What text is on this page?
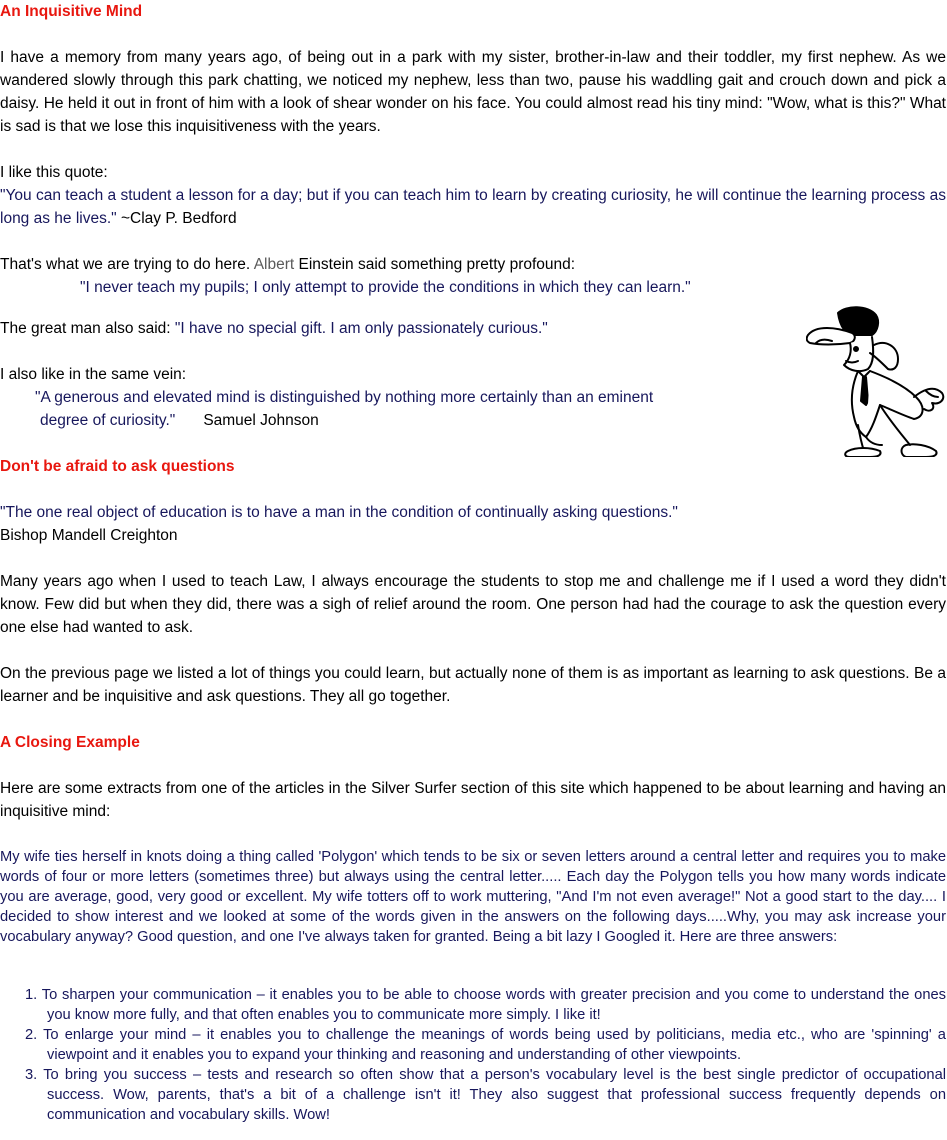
An Inquisitive Mind
I have a memory from many years ago, of being out in a park with my sister, brother-in-law and their toddler, my first nephew. As we wandered slowly through this park chatting, we noticed my nephew, less than two, pause his waddling gait and crouch down and pick a daisy. He held it out in front of him with a look of shear wonder on his face. You could almost read his tiny mind: "Wow, what is this?" What is sad is that we lose this inquisitiveness with the years.
I like this quote:
"You can teach a student a lesson for a day; but if you can teach him to learn by creating curiosity, he will continue the learning process as long as he lives." ~Clay P. Bedford
That's what we are trying to do here. Albert Einstein said something pretty profound:
"I never teach my pupils; I only attempt to provide the conditions in which they can learn."
The great man also said: "I have no special gift. I am only passionately curious."
I also like in the same vein:
"A generous and elevated mind is distinguished by nothing more certainly than an eminent
degree of curiosity." Samuel Johnson
Don't be afraid to ask questions
"The one real object of education is to have a man in the condition of continually asking questions."
Bishop Mandell Creighton
Many years ago when I used to teach Law, I always encourage the students to stop me and challenge me if I used a word they didn't know. Few did but when they did, there was a sigh of relief around the room. One person had had the courage to ask the question every one else had wanted to ask.
On the previous page we listed a lot of things you could learn, but actually none of them is as important as learning to ask questions. Be a learner and be inquisitive and ask questions. They all go together.
A Closing Example
Here are some extracts from one of the articles in the Silver Surfer section of this site which happened to be about learning and having an inquisitive mind:
My wife ties herself in knots doing a thing called 'Polygon' which tends to be six or seven letters around a central letter and requires you to make words of four or more letters (sometimes three) but always using the central letter..... Each day the Polygon tells you how many words indicate you are average, good, very good or excellent. My wife totters off to work muttering, "And I'm not even average!" Not a good start to the day.... I decided to show interest and we looked at some of the words given in the answers on the following days.....Why, you may ask increase your vocabulary anyway? Good question, and one I've always taken for granted. Being a bit lazy I Googled it. Here are three answers:
1. To sharpen your communication – it enables you to be able to choose words with greater precision and you come to understand the ones you know more fully, and that often enables you to communicate more simply. I like it!
2. To enlarge your mind – it enables you to challenge the meanings of words being used by politicians, media etc., who are 'spinning' a viewpoint and it enables you to expand your thinking and reasoning and understanding of other viewpoints.
3. To bring you success – tests and research so often show that a person's vocabulary level is the best single predictor of occupational success. Wow, parents, that's a bit of a challenge isn't it! They also suggest that professional success frequently depends on communication and vocabulary skills. Wow!
